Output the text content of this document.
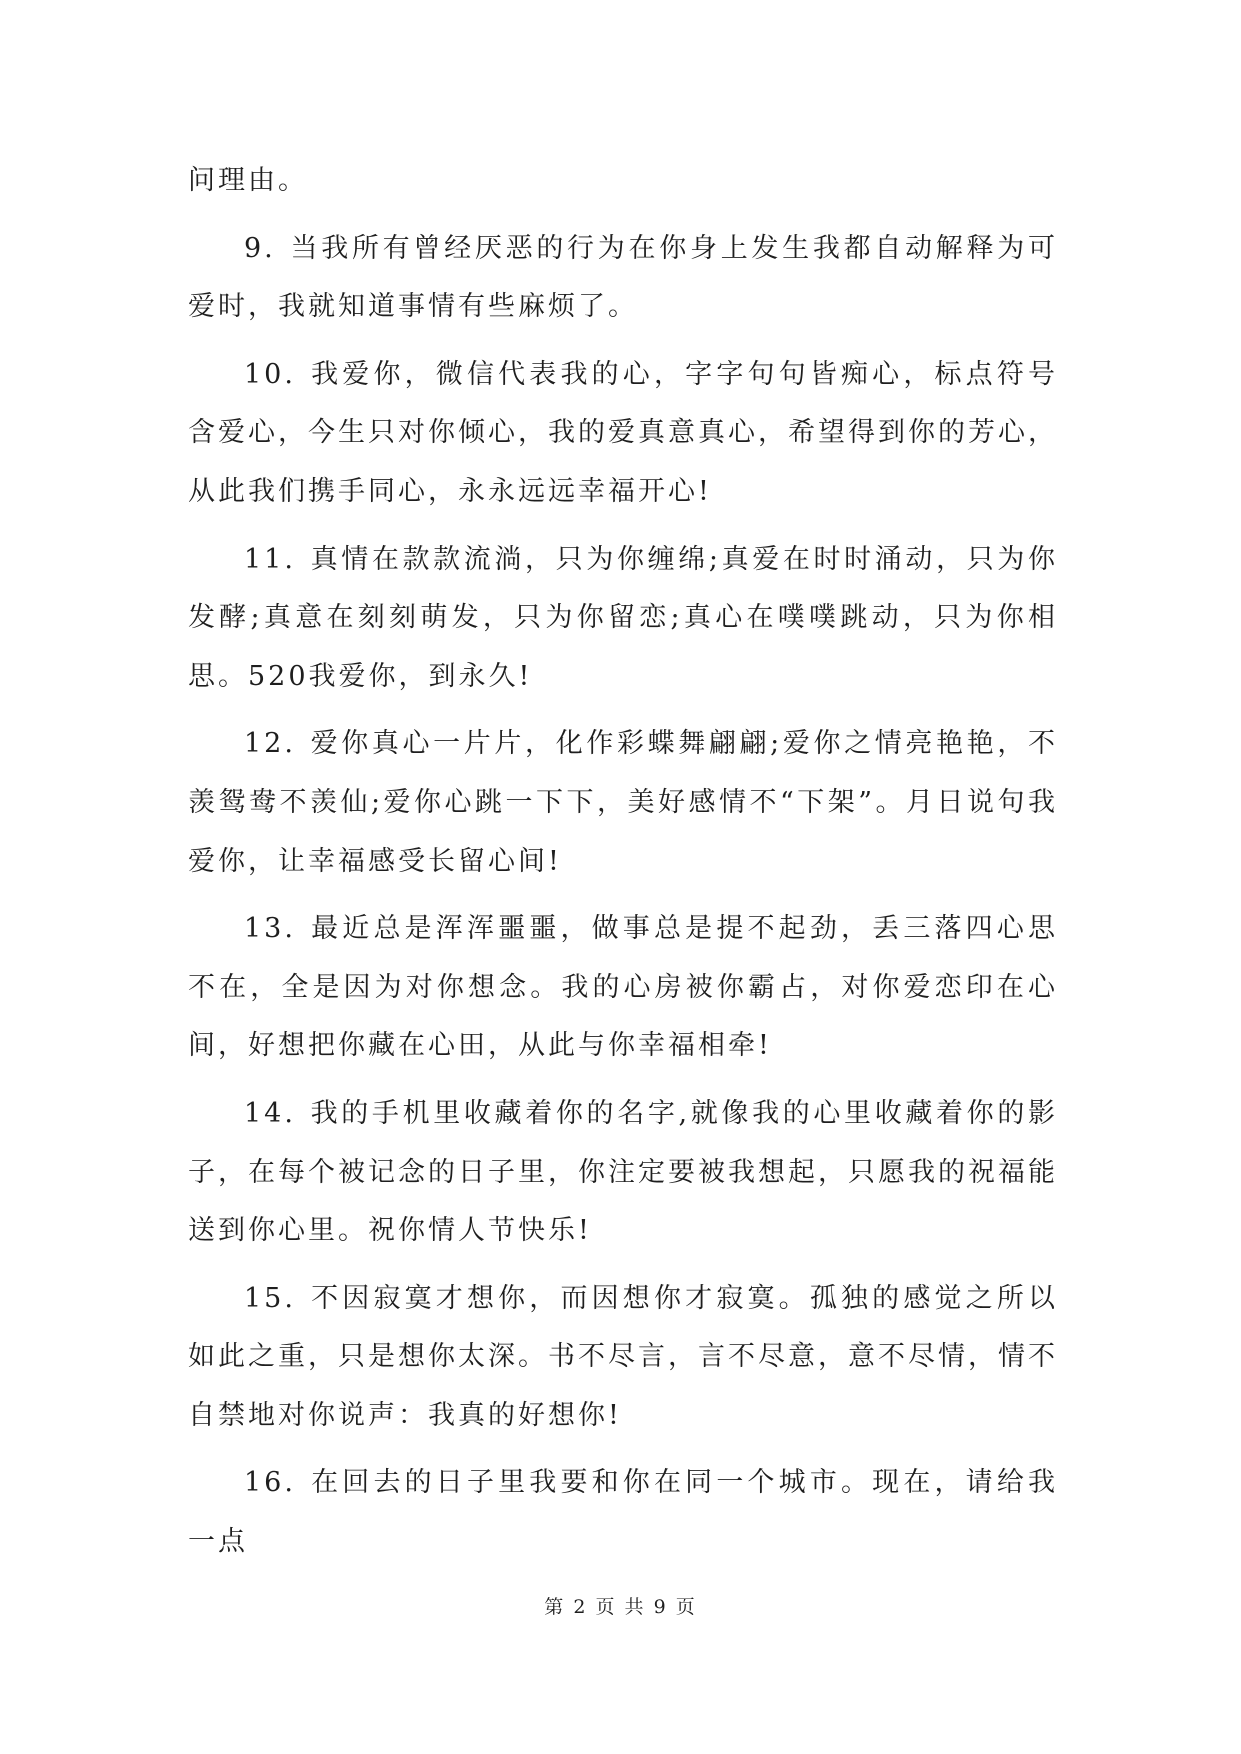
问理由。

9. 当我所有曾经厌恶的行为在你身上发生我都自动解释为可爱时，我就知道事情有些麻烦了。

10. 我爱你，微信代表我的心，字字句句皆痴心，标点符号含爱心，今生只对你倾心，我的爱真意真心，希望得到你的芳心，从此我们携手同心，永永远远幸福开心!

11. 真情在款款流淌，只为你缠绵;真爱在时时涌动，只为你发酵;真意在刻刻萌发，只为你留恋;真心在噗噗跳动，只为你相思。520我爱你，到永久!

12. 爱你真心一片片，化作彩蝶舞翩翩;爱你之情亮艳艳，不羡鸳鸯不羡仙;爱你心跳一下下，美好感情不“下架”。月日说句我爱你，让幸福感受长留心间!

13. 最近总是浑浑噩噩，做事总是提不起劲，丢三落四心思不在，全是因为对你想念。我的心房被你霸占，对你爱恋印在心间，好想把你藏在心田，从此与你幸福相牵!

14. 我的手机里收藏着你的名字,就像我的心里收藏着你的影子，在每个被记念的日子里，你注定要被我想起，只愿我的祝福能送到你心里。祝你情人节快乐!

15. 不因寂寞才想你，而因想你才寂寞。孤独的感觉之所以如此之重，只是想你太深。书不尽言，言不尽意，意不尽情，情不自禁地对你说声：我真的好想你!

16. 在回去的日子里我要和你在同一个城市。现在，请给我一点

第 2 页 共 9 页
